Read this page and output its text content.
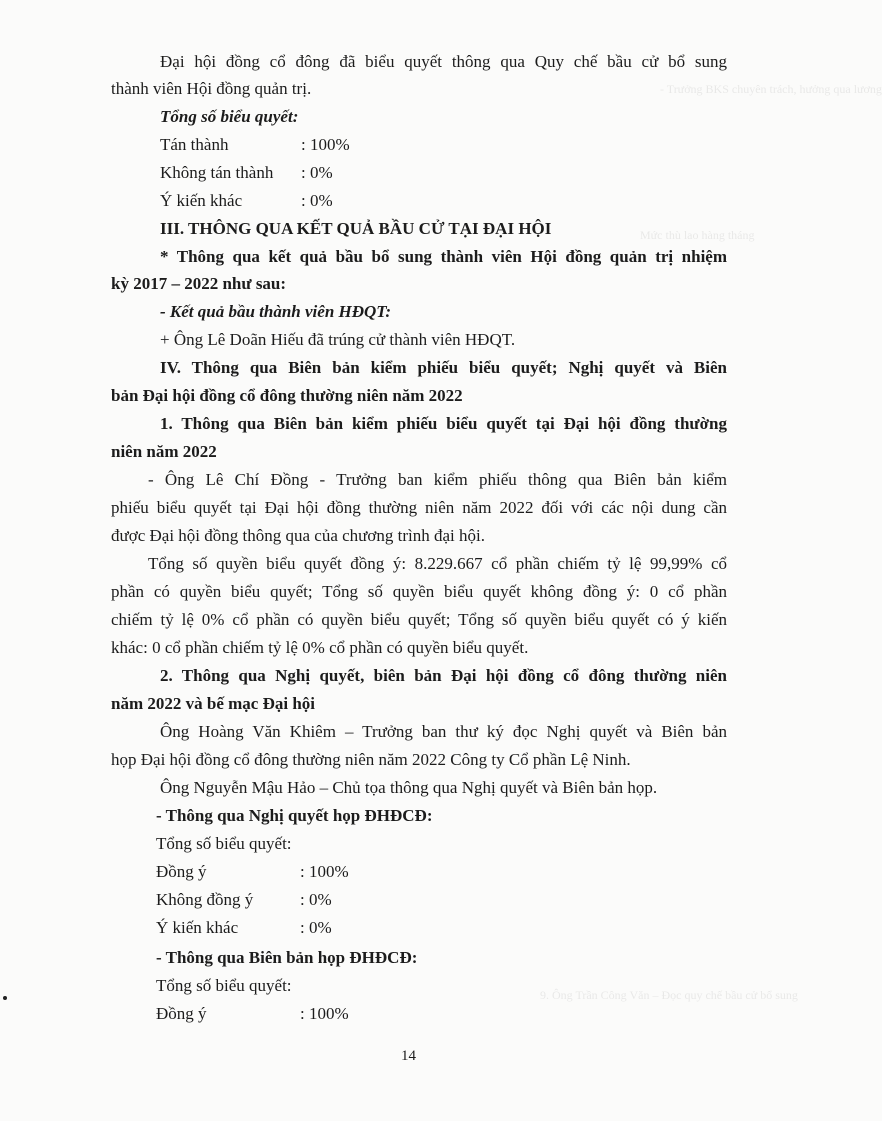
- Trưởng BKS chuyên trách, hưởng qua lương
Mức thù lao hàng tháng
Đại hội đồng cổ đông đã biểu quyết thông qua Quy chế bầu cử bổ sung
thành viên Hội đồng quản trị.
Tổng số biểu quyết:
Tán thành	: 100%
Không tán thành : 0%
Ý kiến khác	: 0%
III. THÔNG QUA KẾT QUẢ BẦU CỬ TẠI ĐẠI HỘI
* Thông qua kết quả bầu bổ sung thành viên Hội đồng quản trị nhiệm
kỳ 2017 – 2022 như sau:
- Kết quả bầu thành viên HĐQT:
+ Ông Lê Doãn Hiếu đã trúng cử thành viên HĐQT.
IV. Thông qua Biên bản kiểm phiếu biểu quyết; Nghị quyết và Biên
bản Đại hội đồng cổ đông thường niên năm 2022
1. Thông qua Biên bản kiểm phiếu biểu quyết tại Đại hội đồng thường
niên năm 2022
- Ông Lê Chí Đồng - Trưởng ban kiểm phiếu thông qua Biên bản kiểm
phiếu biểu quyết tại Đại hội đồng thường niên năm 2022 đối với các nội dung cần
được Đại hội đồng thông qua của chương trình đại hội.
Tổng số quyền biểu quyết đồng ý: 8.229.667 cổ phần chiếm tỷ lệ 99,99% cổ
phần có quyền biểu quyết; Tổng số quyền biểu quyết không đồng ý: 0 cổ phần
chiếm tỷ lệ 0% cổ phần có quyền biểu quyết; Tổng số quyền biểu quyết có ý kiến
khác: 0 cổ phần chiếm tỷ lệ 0% cổ phần có quyền biểu quyết.
2. Thông qua Nghị quyết, biên bản Đại hội đồng cổ đông thường niên
năm 2022 và bế mạc Đại hội
Ông Hoàng Văn Khiêm – Trưởng ban thư ký đọc Nghị quyết và Biên bản
họp Đại hội đồng cổ đông thường niên năm 2022 Công ty Cổ phần Lệ Ninh.
Ông Nguyễn Mậu Hảo – Chủ tọa thông qua Nghị quyết và Biên bản họp.
- Thông qua Nghị quyết họp ĐHĐCĐ:
Tổng số biểu quyết:
Đồng ý	: 100%
Không đồng ý	: 0%
Ý kiến khác	: 0%
- Thông qua Biên bản họp ĐHĐCĐ:
Tổng số biểu quyết:
Đồng ý	: 100%
9. Ông Trần Công Văn – Đọc quy chế bầu cử bổ sung
14
